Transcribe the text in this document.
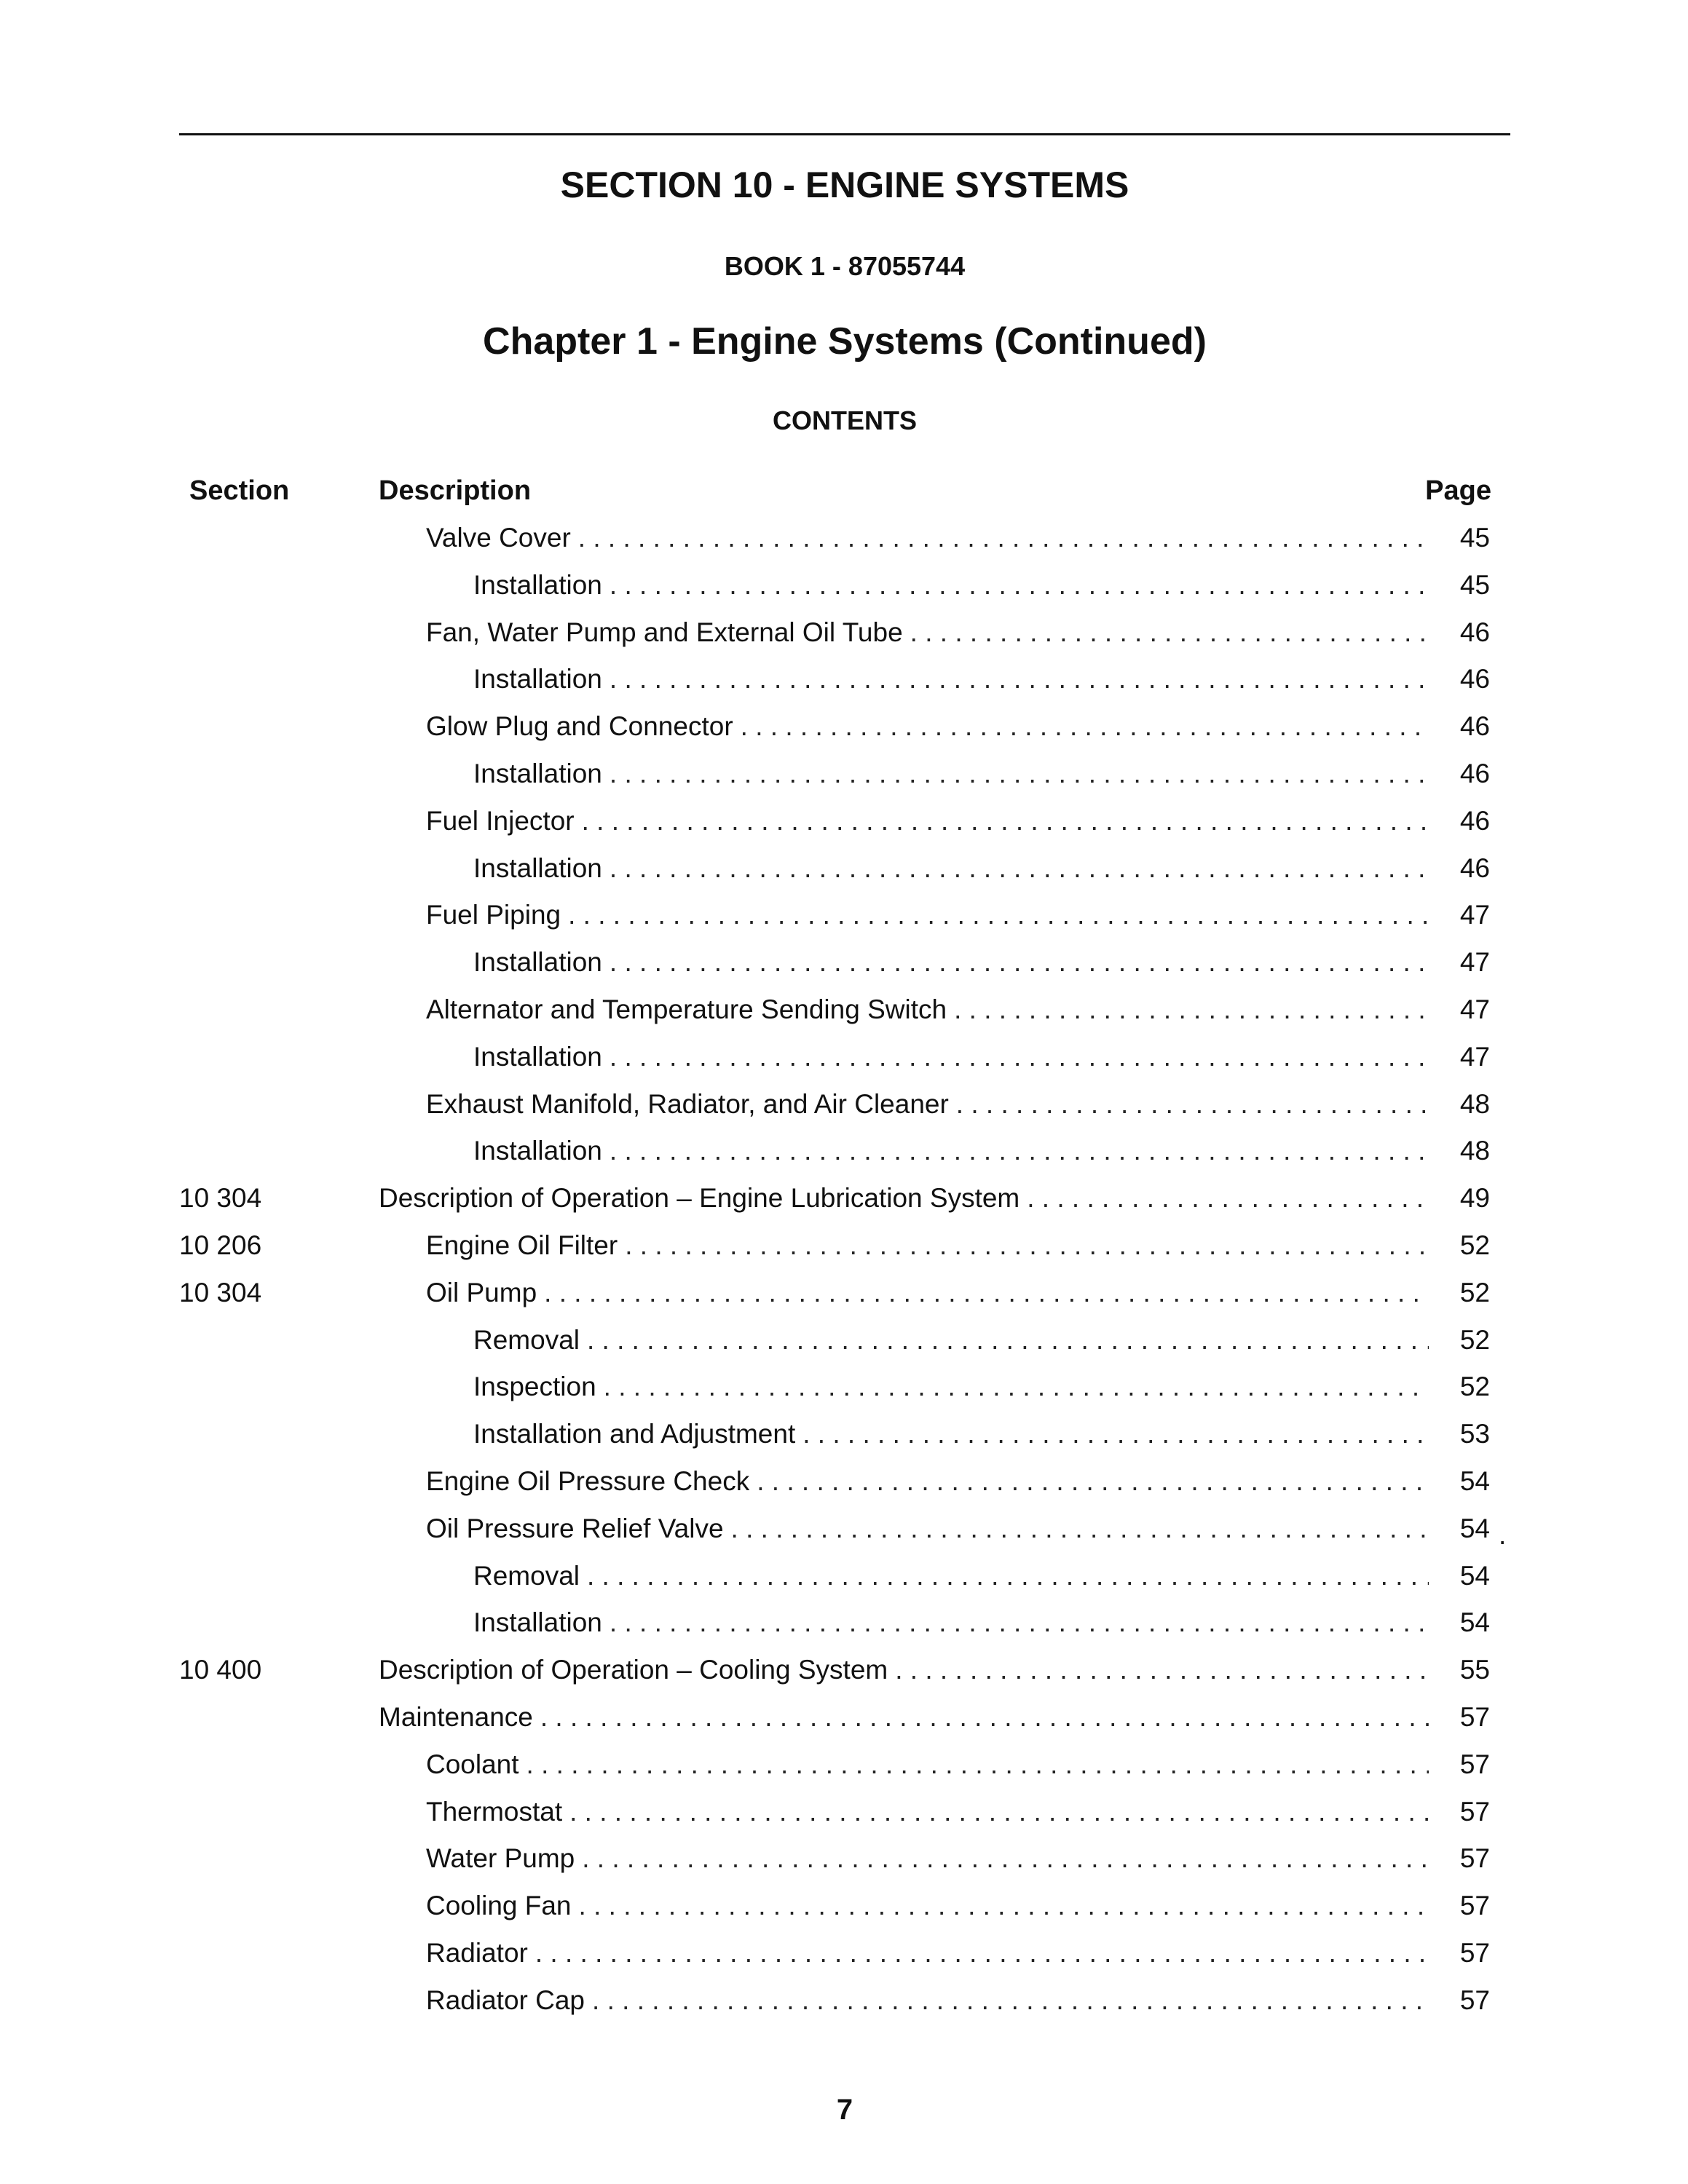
SECTION 10 - ENGINE SYSTEMS
BOOK 1 - 87055744
Chapter 1 - Engine Systems (Continued)
CONTENTS
Section	Description	Page
Valve Cover . . .	45
Installation . . .	45
Fan, Water Pump and External Oil Tube . . .	46
Installation . . .	46
Glow Plug and Connector . . .	46
Installation . . .	46
Fuel Injector . . .	46
Installation . . .	46
Fuel Piping . . .	47
Installation . . .	47
Alternator and Temperature Sending Switch . . .	47
Installation . . .	47
Exhaust Manifold, Radiator, and Air Cleaner . . .	48
Installation . . .	48
10 304	Description of Operation – Engine Lubrication System . . .	49
10 206	Engine Oil Filter . . .	52
10 304	Oil Pump . . .	52
Removal . . .	52
Inspection . . .	52
Installation and Adjustment . . .	53
Engine Oil Pressure Check . . .	54
Oil Pressure Relief Valve . . .	54
Removal . . .	54
Installation . . .	54
10 400	Description of Operation – Cooling System . . .	55
Maintenance . . .	57
Coolant . . .	57
Thermostat . . .	57
Water Pump . . .	57
Cooling Fan . . .	57
Radiator . . .	57
Radiator Cap . . .	57
.
7
